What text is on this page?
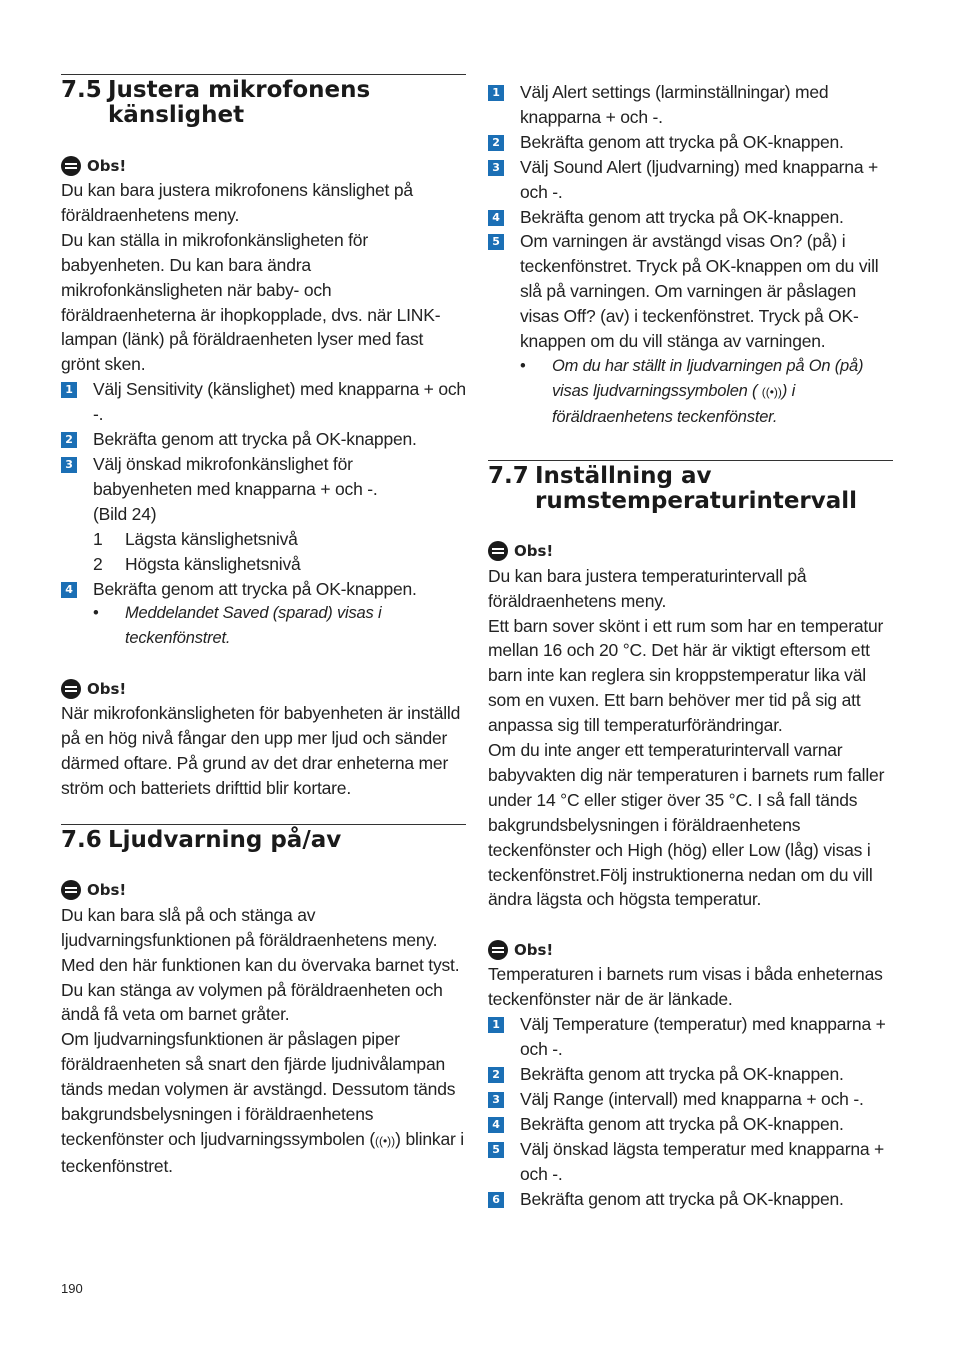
7.5 Justera mikrofonens känslighet
Obs!

Du kan bara justera mikrofonens känslighet på föräldraenhetens meny.

Du kan ställa in mikrofonkänsligheten för babyenheten. Du kan bara ändra mikrofonkänsligheten när baby- och föräldraenheterna är ihopkopplade, dvs. när LINK-lampan (länk) på föräldraenheten lyser med fast grönt sken.

1 Välj Sensitivity (känslighet) med knapparna + och -.
2 Bekräfta genom att trycka på OK-knappen.
3 Välj önskad mikrofonkänslighet för babyenheten med knapparna + och -. (Bild 24)
1	Lägsta känslighetsnivå
2	Högsta känslighetsnivå
4 Bekräfta genom att trycka på OK-knappen.
•	Meddelandet Saved (sparad) visas i teckenfönstret.
Obs!

När mikrofonkänsligheten för babyenheten är inställd på en hög nivå fångar den upp mer ljud och sänder därmed oftare. På grund av det drar enheterna mer ström och batteriets drifttid blir kortare.

7.6 Ljudvarning på/av
Obs!

Du kan bara slå på och stänga av ljudvarningsfunktionen på föräldraenhetens meny. Med den här funktionen kan du övervaka barnet tyst. Du kan stänga av volymen på föräldraenheten och ändå få veta om barnet gråter.

Om ljudvarningsfunktionen är påslagen piper föräldraenheten så snart den fjärde ljudnivålampan tänds medan volymen är avstängd. Dessutom tänds bakgrundsbelysningen i föräldraenhetens teckenfönster och ljudvarningssymbolen (((•))) blinkar i teckenfönstret.

1 Välj Alert settings (larminställningar) med knapparna + och -.
2 Bekräfta genom att trycka på OK-knappen.
3 Välj Sound Alert (ljudvarning) med knapparna + och -.
4 Bekräfta genom att trycka på OK-knappen.
5 Om varningen är avstängd visas On? (på) i teckenfönstret. Tryck på OK-knappen om du vill slå på varningen. Om varningen är påslagen visas Off? (av) i teckenfönstret. Tryck på OK-knappen om du vill stänga av varningen.
•	Om du har ställt in ljudvarningen på On (på) visas ljudvarningssymbolen ( ((•))) i föräldraenhetens teckenfönster.
7.7 Inställning av rumstemperaturintervall
Obs!

Du kan bara justera temperaturintervall på föräldraenhetens meny.

Ett barn sover skönt i ett rum som har en temperatur mellan 16 och 20 °C. Det här är viktigt eftersom ett barn inte kan reglera sin kroppstemperatur lika väl som en vuxen. Ett barn behöver mer tid på sig att anpassa sig till temperaturförändringar.

Om du inte anger ett temperaturintervall varnar babyvakten dig när temperaturen i barnets rum faller under 14 °C eller stiger över 35 °C. I så fall tänds bakgrundsbelysningen i föräldraenhetens teckenfönster och High (hög) eller Low (låg) visas i teckenfönstret.Följ instruktionerna nedan om du vill ändra lägsta och högsta temperatur.

Obs!

Temperaturen i barnets rum visas i båda enheternas teckenfönster när de är länkade.

1 Välj Temperature (temperatur) med knapparna + och -.
2 Bekräfta genom att trycka på OK-knappen.
3 Välj Range (intervall) med knapparna + och -.
4 Bekräfta genom att trycka på OK-knappen.
5 Välj önskad lägsta temperatur med knapparna + och -.
6 Bekräfta genom att trycka på OK-knappen.
190
